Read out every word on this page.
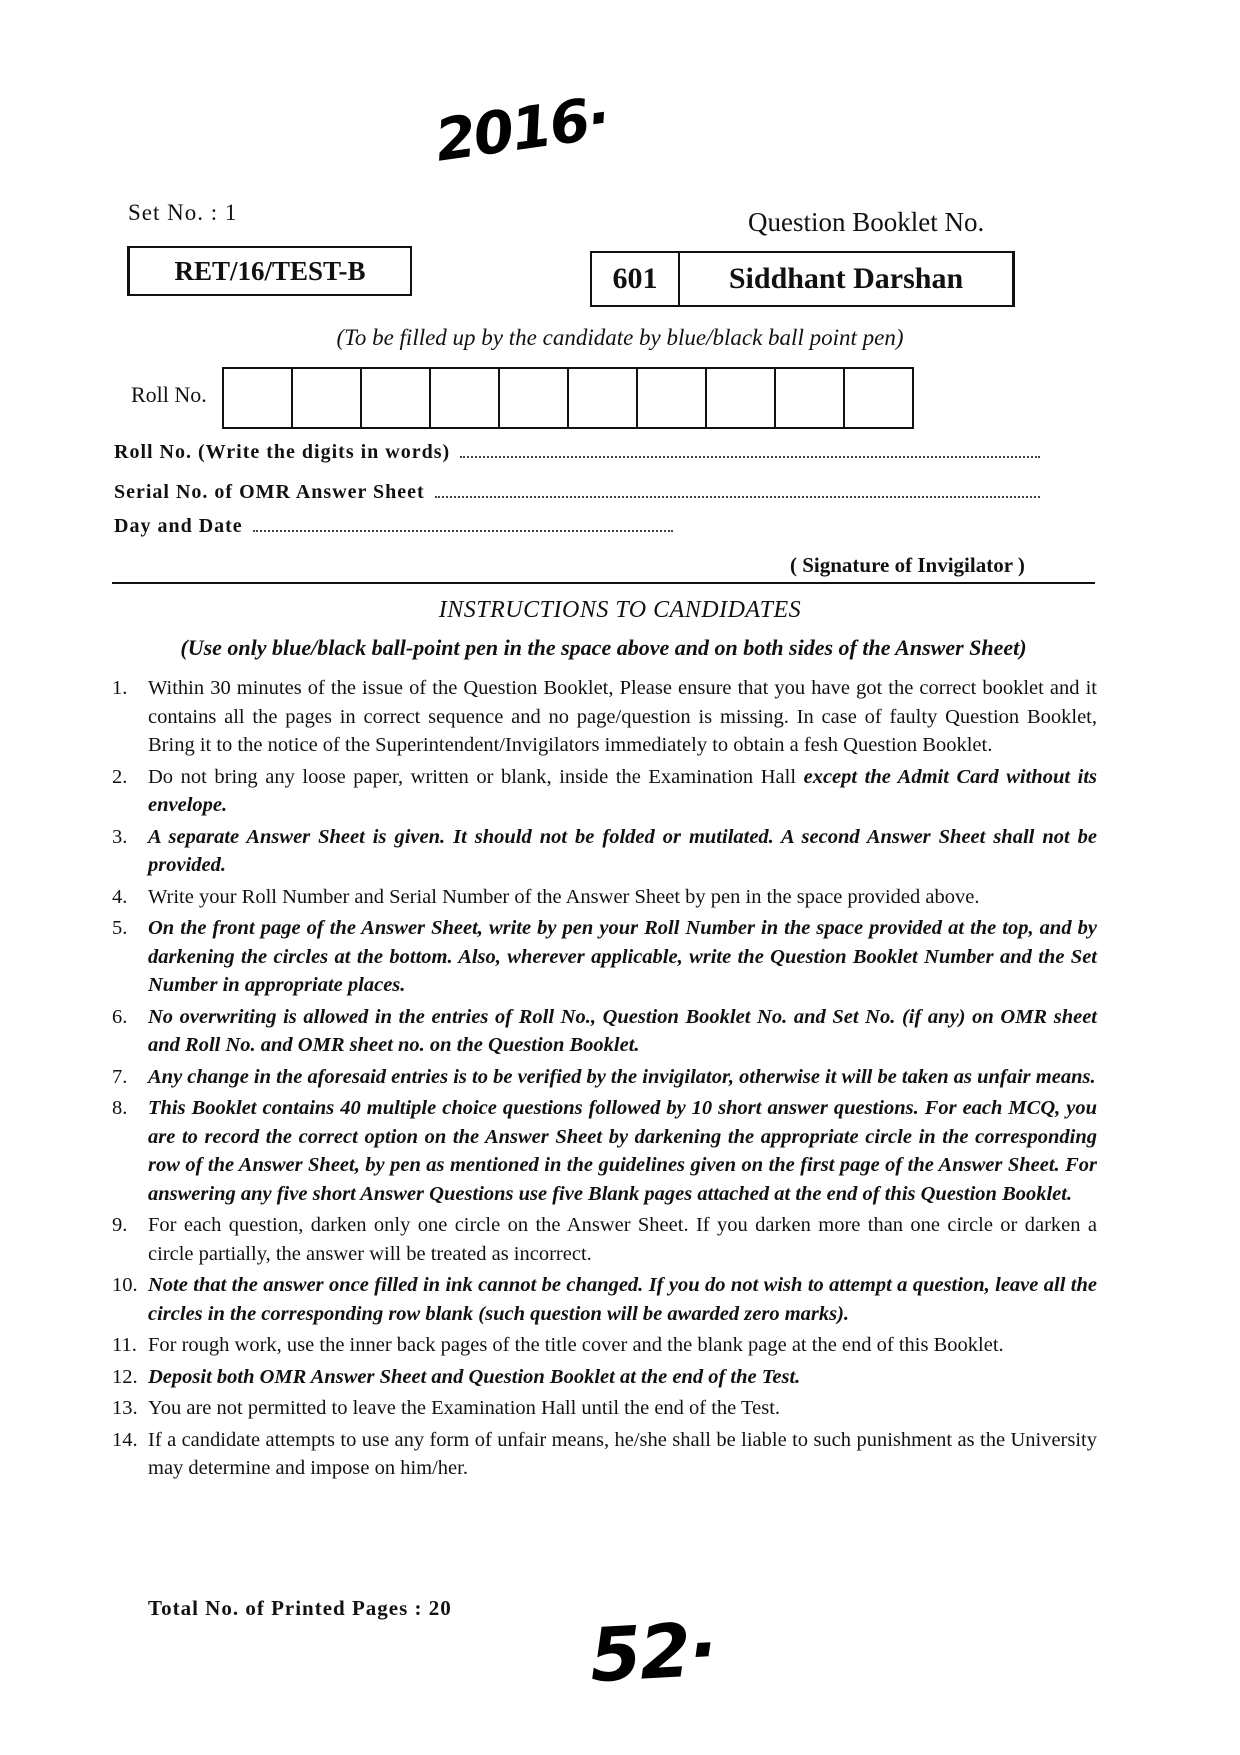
2016·
Set No. : 1
RET/16/TEST-B
Question Booklet No.
601	Siddhant Darshan
(To be filled up by the candidate by blue/black ball point pen)
Roll No.
Roll No. (Write the digits in words)
Serial No. of OMR Answer Sheet
Day and Date
( Signature of Invigilator )
INSTRUCTIONS TO CANDIDATES
(Use only blue/black ball-point pen in the space above and on both sides of the Answer Sheet)
1.	Within 30 minutes of the issue of the Question Booklet, Please ensure that you have got the correct booklet and it contains all the pages in correct sequence and no page/question is missing. In case of faulty Question Booklet, Bring it to the notice of the Superintendent/Invigilators immediately to obtain a fesh Question Booklet.
2.	Do not bring any loose paper, written or blank, inside the Examination Hall except the Admit Card without its envelope.
3.	A separate Answer Sheet is given. It should not be folded or mutilated. A second Answer Sheet shall not be provided.
4.	Write your Roll Number and Serial Number of the Answer Sheet by pen in the space provided above.
5.	On the front page of the Answer Sheet, write by pen your Roll Number in the space provided at the top, and by darkening the circles at the bottom. Also, wherever applicable, write the Question Booklet Number and the Set Number in appropriate places.
6.	No overwriting is allowed in the entries of Roll No., Question Booklet No. and Set No. (if any) on OMR sheet and Roll No. and OMR sheet no. on the Question Booklet.
7.	Any change in the aforesaid entries is to be verified by the invigilator, otherwise it will be taken as unfair means.
8.	This Booklet contains 40 multiple choice questions followed by 10 short answer questions. For each MCQ, you are to record the correct option on the Answer Sheet by darkening the appropriate circle in the corresponding row of the Answer Sheet, by pen as mentioned in the guidelines given on the first page of the Answer Sheet. For answering any five short Answer Questions use five Blank pages attached at the end of this Question Booklet.
9.	For each question, darken only one circle on the Answer Sheet. If you darken more than one circle or darken a circle partially, the answer will be treated as incorrect.
10. Note that the answer once filled in ink cannot be changed. If you do not wish to attempt a question, leave all the circles in the corresponding row blank (such question will be awarded zero marks).
11. For rough work, use the inner back pages of the title cover and the blank page at the end of this Booklet.
12. Deposit both OMR Answer Sheet and Question Booklet at the end of the Test.
13. You are not permitted to leave the Examination Hall until the end of the Test.
14. If a candidate attempts to use any form of unfair means, he/she shall be liable to such punishment as the University may determine and impose on him/her.
Total No. of Printed Pages : 20 52·
